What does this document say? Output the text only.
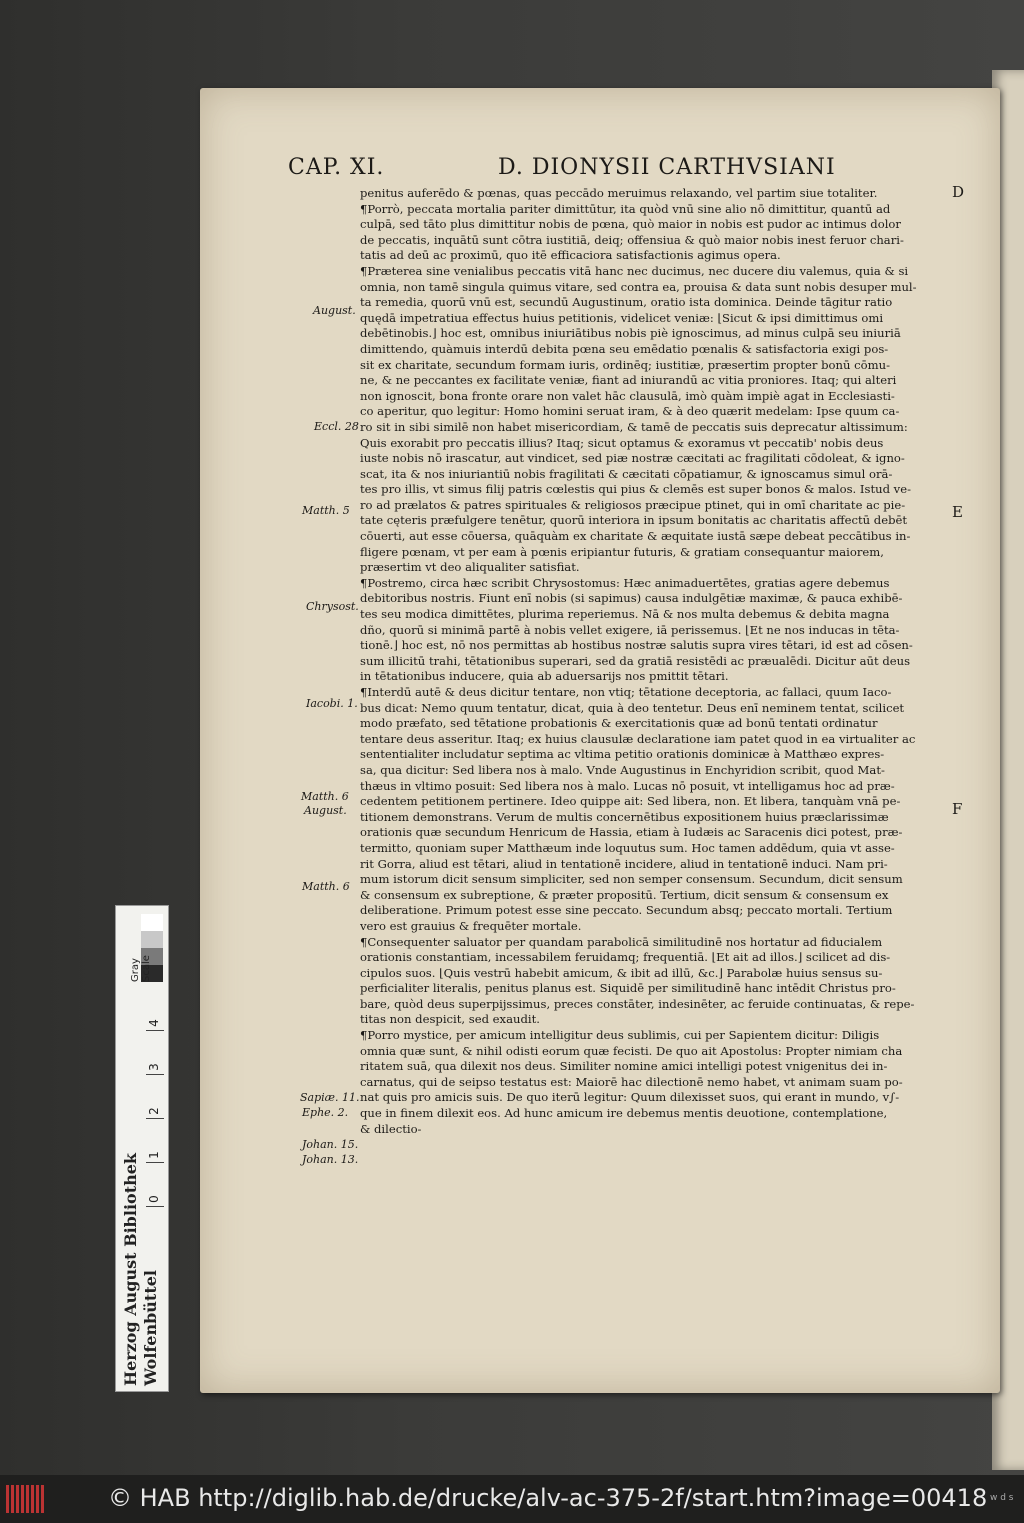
CAP. XI.	D. DIONYSII CARTHVSIANI
penitus auferēdo & pœnas, quas peccādo meruimus relaxando, vel partim siue totaliter.
¶Porrò, peccata mortalia pariter dimittūtur, ita quòd vnū sine alio nō dimittitur, quantū ad
culpā, sed tāto plus dimittitur nobis de pœna, quò maior in nobis est pudor ac intimus dolor
de peccatis, inquātū sunt cōtra iustitiā, deiq; offensiua & quò maior nobis inest feruor chari-
tatis ad deū ac proximū, quo itē efficaciora satisfactionis agimus opera.
¶Præterea sine venialibus peccatis vitā hanc nec ducimus, nec ducere diu valemus, quia & si
omnia, non tamē singula quimus vitare, sed contra ea, prouisa & data sunt nobis desuper mul-
ta remedia, quorū vnū est, secundū Augustinum, oratio ista dominica. Deinde tāgitur ratio
quędā impetratiua effectus huius petitionis, videlicet veniæ: ⌊Sicut & ipsi dimittimus omi
debētinobis.⌋ hoc est, omnibus iniuriātibus nobis piè ignoscimus, ad minus culpā seu iniuriā
dimittendo, quàmuis interdū debita pœna seu emēdatio pœnalis & satisfactoria exigi pos-
sit ex charitate, secundum formam iuris, ordinēq; iustitiæ, præsertim propter bonū cōmu-
ne, & ne peccantes ex facilitate veniæ, fiant ad iniurandū ac vitia proniores. Itaq; qui alteri
non ignoscit, bona fronte orare non valet hāc clausulā, imò quàm impiè agat in Ecclesiasti-
co aperitur, quo legitur: Homo homini seruat iram, & à deo quærit medelam: Ipse quum ca-
ro sit in sibi similē non habet misericordiam, & tamē de peccatis suis deprecatur altissimum:
Quis exorabit pro peccatis illius? Itaq; sicut optamus & exoramus vt peccatib' nobis deus
iuste nobis nō irascatur, aut vindicet, sed piæ nostræ cæcitati ac fragilitati cōdoleat, & igno-
scat, ita & nos iniuriantiū nobis fragilitati & cæcitati cōpatiamur, & ignoscamus simul orā-
tes pro illis, vt simus filij patris cœlestis qui pius & clemēs est super bonos & malos. Istud ve-
ro ad prælatos & patres spirituales & religiosos præcipue ptinet, qui in omī charitate ac pie-
tate cęteris præfulgere tenētur, quorū interiora in ipsum bonitatis ac charitatis affectū debēt
cōuerti, aut esse cōuersa, quāquàm ex charitate & æquitate iustā sæpe debeat peccātibus in-
fligere pœnam, vt per eam à pœnis eripiantur futuris, & gratiam consequantur maiorem,
præsertim vt deo aliqualiter satisfiat.
¶Postremo, circa hæc scribit Chrysostomus: Hæc animaduertētes, gratias agere debemus
debitoribus nostris. Fiunt enī nobis (si sapimus) causa indulgētiæ maximæ, & pauca exhibē-
tes seu modica dimittētes, plurima reperiemus. Nā & nos multa debemus & debita magna
dño, quorū si minimā partē à nobis vellet exigere, iā perissemus. ⌊Et ne nos inducas in tēta-
tionē.⌋ hoc est, nō nos permittas ab hostibus nostræ salutis supra vires tētari, id est ad cōsen-
sum illicitū trahi, tētationibus superari, sed da gratiā resistēdi ac præualēdi. Dicitur aūt deus
in tētationibus inducere, quia ab aduersarijs nos pmittit tētari.
¶Interdū autē & deus dicitur tentare, non vtiq; tētatione deceptoria, ac fallaci, quum Iaco-
bus dicat: Nemo quum tentatur, dicat, quia à deo tentetur. Deus enī neminem tentat, scilicet
modo præfato, sed tētatione probationis & exercitationis quæ ad bonū tentati ordinatur
tentare deus asseritur. Itaq; ex huius clausulæ declaratione iam patet quod in ea virtualiter ac
sententialiter includatur septima ac vltima petitio orationis dominicæ à Matthæo expres-
sa, qua dicitur: Sed libera nos à malo. Vnde Augustinus in Enchyridion scribit, quod Mat-
thæus in vltimo posuit: Sed libera nos à malo. Lucas nō posuit, vt intelligamus hoc ad præ-
cedentem petitionem pertinere. Ideo quippe ait: Sed libera, non. Et libera, tanquàm vnā pe-
titionem demonstrans. Verum de multis concernētibus expositionem huius præclarissimæ
orationis quæ secundum Henricum de Hassia, etiam à Iudæis ac Saracenis dici potest, præ-
termitto, quoniam super Matthæum inde loquutus sum. Hoc tamen addēdum, quia vt asse-
rit Gorra, aliud est tētari, aliud in tentationē incidere, aliud in tentationē induci. Nam pri-
mum istorum dicit sensum simpliciter, sed non semper consensum. Secundum, dicit sensum
& consensum ex subreptione, & præter propositū. Tertium, dicit sensum & consensum ex
deliberatione. Primum potest esse sine peccato. Secundum absq; peccato mortali. Tertium
vero est grauius & frequēter mortale.
¶Consequenter saluator per quandam parabolicā similitudinē nos hortatur ad fiducialem
orationis constantiam, incessabilem feruidamq; frequentiā. ⌊Et ait ad illos.⌋ scilicet ad dis-
cipulos suos. ⌊Quis vestrū habebit amicum, & ibit ad illū, &c.⌋ Parabolæ huius sensus su-
perficialiter literalis, penitus planus est. Siquidē per similitudinē hanc intēdit Christus pro-
bare, quòd deus superpijssimus, preces constāter, indesinēter, ac feruide continuatas, & repe-
titas non despicit, sed exaudit.
¶Porro mystice, per amicum intelligitur deus sublimis, cui per Sapientem dicitur: Diligis
omnia quæ sunt, & nihil odisti eorum quæ fecisti. De quo ait Apostolus: Propter nimiam cha
ritatem suā, qua dilexit nos deus. Similiter nomine amici intelligi potest vnigenitus dei in-
carnatus, qui de seipso testatus est: Maiorē hac dilectionē nemo habet, vt animam suam po-
nat quis pro amicis suis. De quo iterū legitur: Quum dilexisset suos, qui erant in mundo, v∫-
que in finem dilexit eos. Ad hunc amicum ire debemus mentis deuotione, contemplatione,
& dilectio-
August.
Eccl. 28
Matth. 5
Chrysost.
Iacobi. 1.
Matth. 6
August.
Matth. 6
Sapiæ. 11.
Ephe. 2.
Johan. 15.
Johan. 13.
D
E
F
Gray Scale
0
1
2
3
4
Herzog August Bibliothek Wolfenbüttel
© HAB http://diglib.hab.de/drucke/alv-ac-375-2f/start.htm?image=00418 w d s
